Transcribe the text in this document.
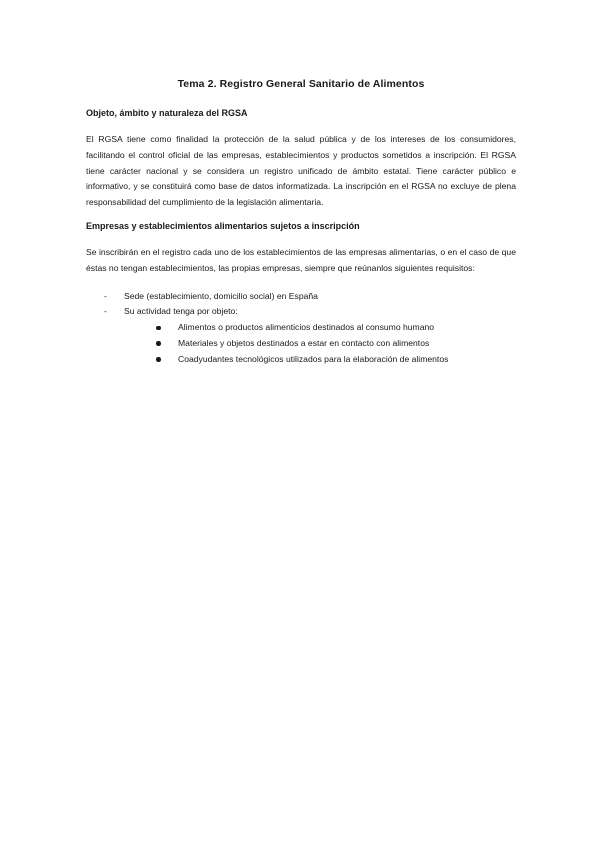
Tema 2. Registro General Sanitario de Alimentos
Objeto, ámbito y naturaleza del RGSA

El RGSA tiene como finalidad la protección de la salud pública y de los intereses de los consumidores, facilitando el control oficial de las empresas, establecimientos y productos sometidos a inscripción. El RGSA tiene carácter nacional y se considera un registro unificado de ámbito estatal. Tiene carácter público e informativo, y se constituirá como base de datos informatizada. La inscripción en el RGSA no excluye de plena responsabilidad del cumplimiento de la legislación alimentaria.

Empresas y establecimientos alimentarios sujetos a inscripción

Se inscribirán en el registro cada uno de los establecimientos de las empresas alimentarias, o en el caso de que éstas no tengan establecimientos, las propias empresas, siempre que reúnanlos siguientes requisitos:

- Sede (establecimiento, domicilio social) en España
- Su actividad tenga por objeto:
Alimentos o productos alimenticios destinados al consumo humano
Materiales y objetos destinados a estar en contacto con alimentos
Coadyudantes tecnológicos utilizados para la elaboración de alimentos
